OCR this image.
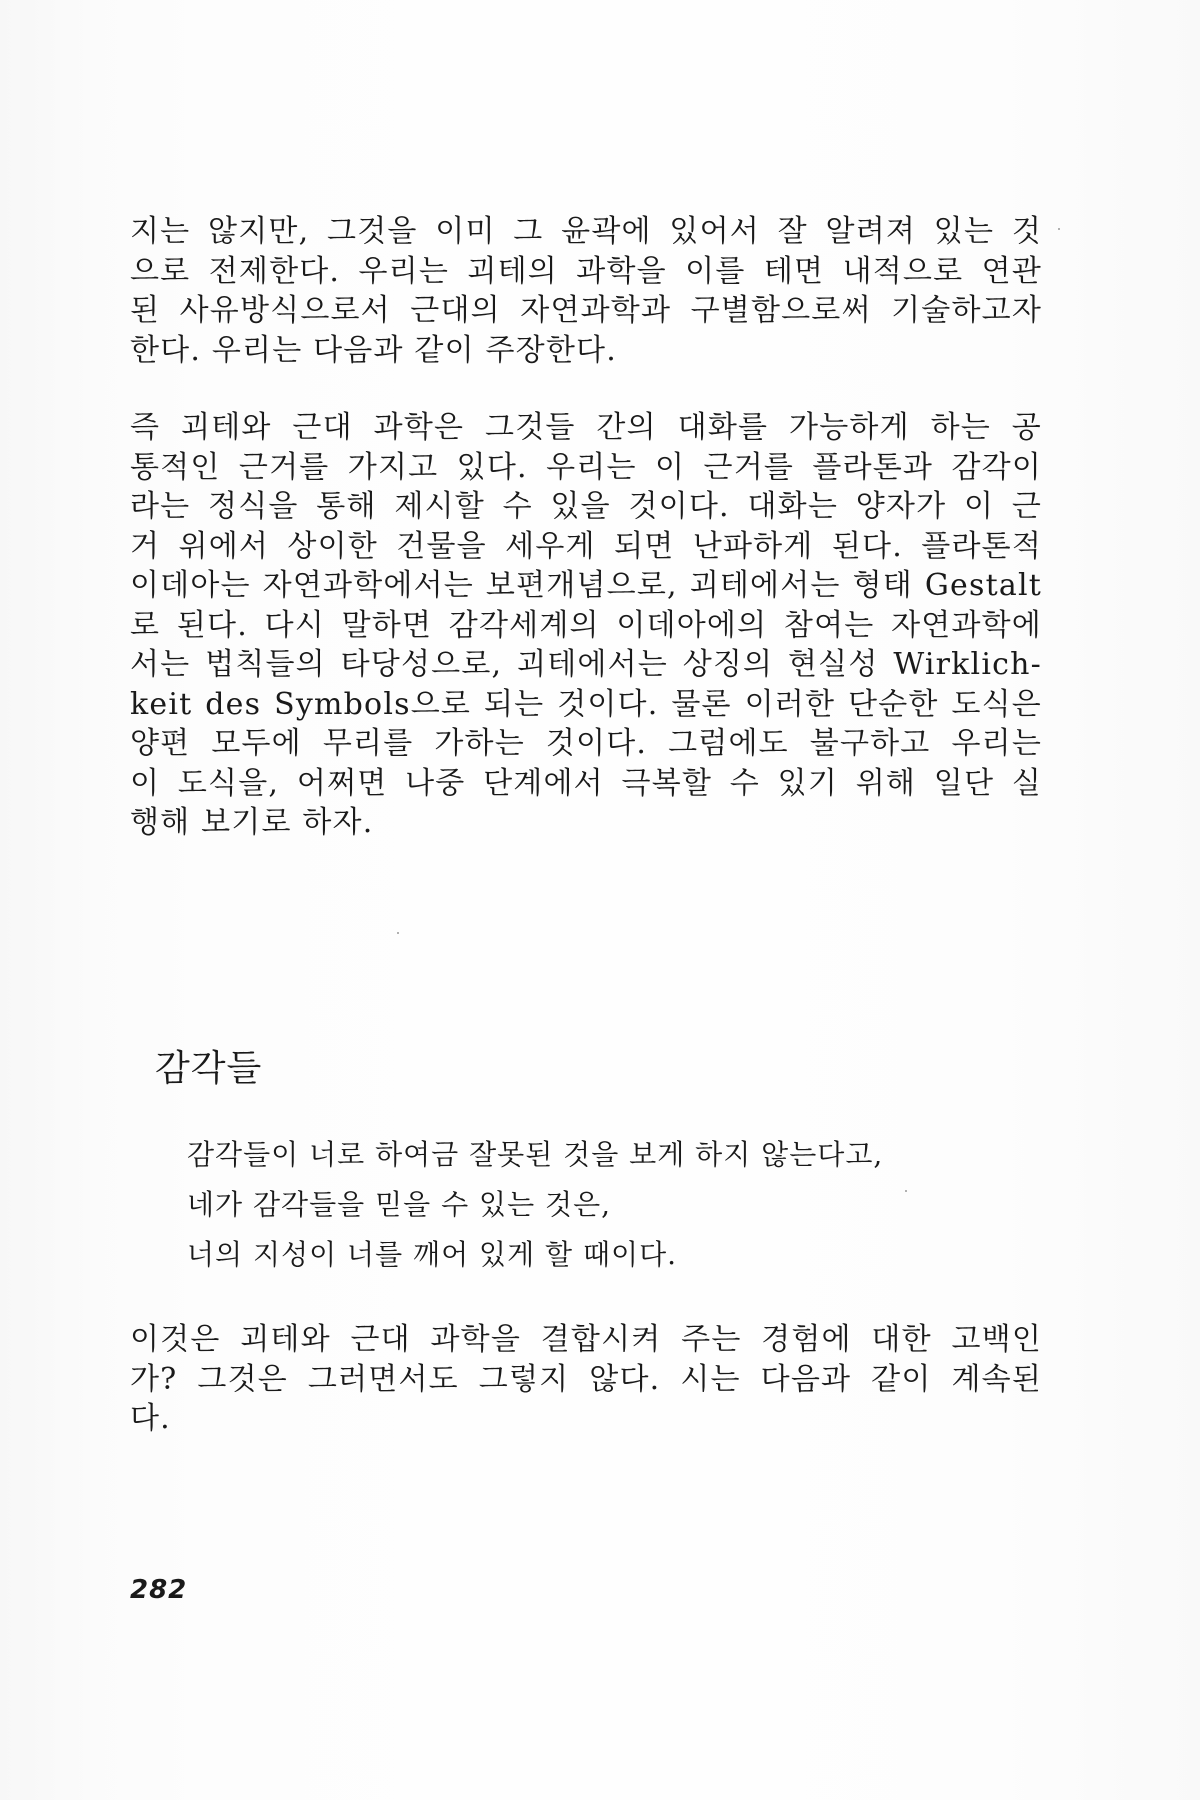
지는 않지만, 그것을 이미 그 윤곽에 있어서 잘 알려져 있는 것
으로 전제한다. 우리는 괴테의 과학을 이를 테면 내적으로 연관
된 사유방식으로서 근대의 자연과학과 구별함으로써 기술하고자
한다. 우리는 다음과 같이 주장한다.

즉 괴테와 근대 과학은 그것들 간의 대화를 가능하게 하는 공
통적인 근거를 가지고 있다. 우리는 이 근거를 플라톤과 감각이
라는 정식을 통해 제시할 수 있을 것이다. 대화는 양자가 이 근
거 위에서 상이한 건물을 세우게 되면 난파하게 된다. 플라톤적
이데아는 자연과학에서는 보편개념으로, 괴테에서는 형태 Gestalt
로 된다. 다시 말하면 감각세계의 이데아에의 참여는 자연과학에
서는 법칙들의 타당성으로, 괴테에서는 상징의 현실성 Wirklich-
keit des Symbols으로 되는 것이다. 물론 이러한 단순한 도식은
양편 모두에 무리를 가하는 것이다. 그럼에도 불구하고 우리는
이 도식을, 어쩌면 나중 단계에서 극복할 수 있기 위해 일단 실
행해 보기로 하자.

감각들
감각들이 너로 하여금 잘못된 것을 보게 하지 않는다고,
네가 감각들을 믿을 수 있는 것은,
너의 지성이 너를 깨어 있게 할 때이다.

이것은 괴테와 근대 과학을 결합시켜 주는 경험에 대한 고백인
가? 그것은 그러면서도 그렇지 않다. 시는 다음과 같이 계속된
다.

282
